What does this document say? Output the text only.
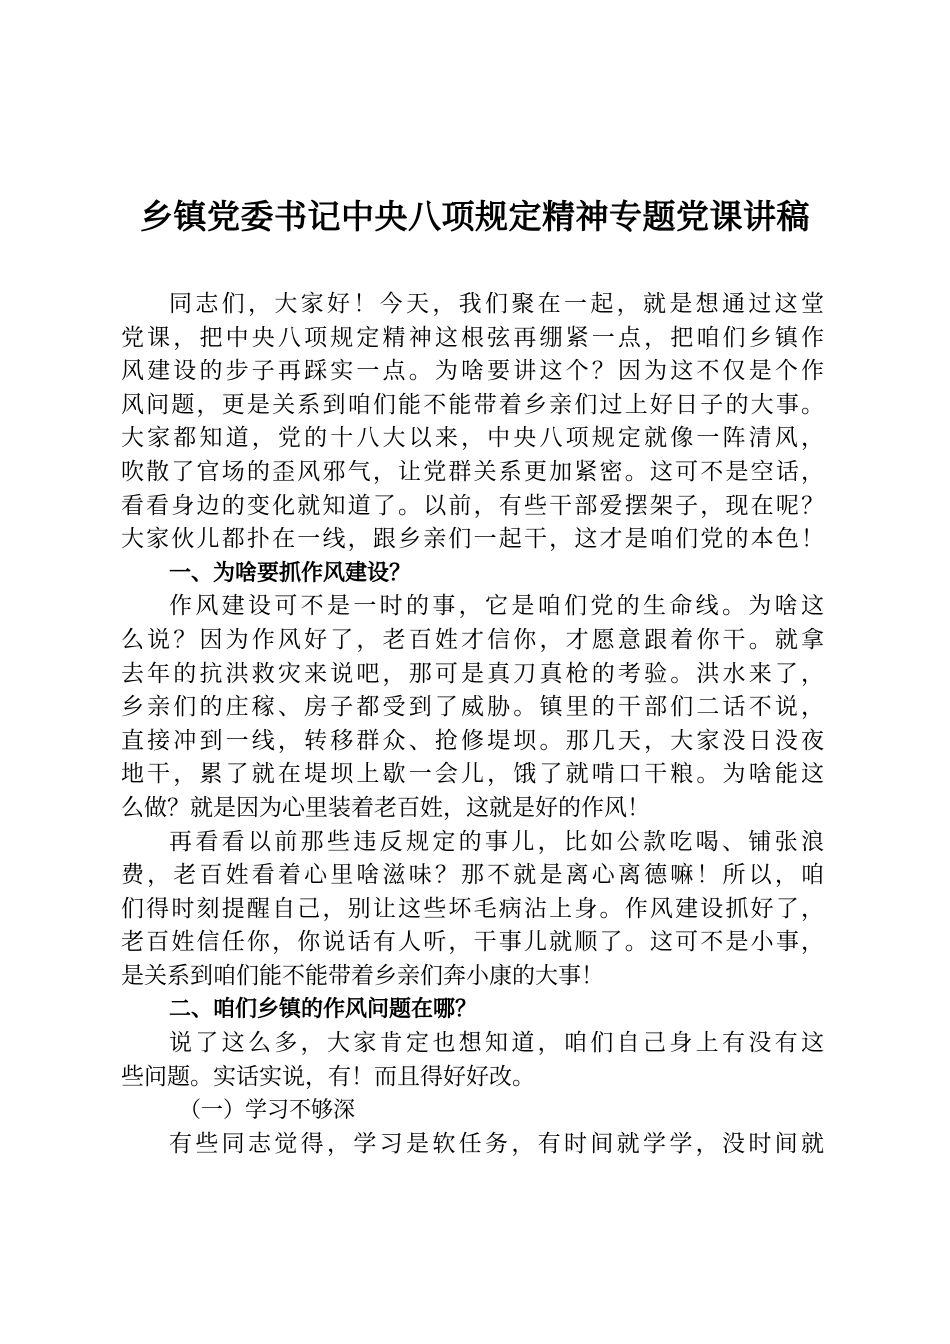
乡镇党委书记中央八项规定精神专题党课讲稿
同志们，大家好！今天，我们聚在一起，就是想通过这堂
党课，把中央八项规定精神这根弦再绷紧一点，把咱们乡镇作
风建设的步子再踩实一点。为啥要讲这个？因为这不仅是个作
风问题，更是关系到咱们能不能带着乡亲们过上好日子的大事。
大家都知道，党的十八大以来，中央八项规定就像一阵清风，
吹散了官场的歪风邪气，让党群关系更加紧密。这可不是空话，
看看身边的变化就知道了。以前，有些干部爱摆架子，现在呢？
大家伙儿都扑在一线，跟乡亲们一起干，这才是咱们党的本色！
一、为啥要抓作风建设？
作风建设可不是一时的事，它是咱们党的生命线。为啥这
么说？因为作风好了，老百姓才信你，才愿意跟着你干。就拿
去年的抗洪救灾来说吧，那可是真刀真枪的考验。洪水来了，
乡亲们的庄稼、房子都受到了威胁。镇里的干部们二话不说，
直接冲到一线，转移群众、抢修堤坝。那几天，大家没日没夜
地干，累了就在堤坝上歇一会儿，饿了就啃口干粮。为啥能这
么做？就是因为心里装着老百姓，这就是好的作风！
再看看以前那些违反规定的事儿，比如公款吃喝、铺张浪
费，老百姓看着心里啥滋味？那不就是离心离德嘛！所以，咱
们得时刻提醒自己，别让这些坏毛病沾上身。作风建设抓好了，
老百姓信任你，你说话有人听，干事儿就顺了。这可不是小事，
是关系到咱们能不能带着乡亲们奔小康的大事！
二、咱们乡镇的作风问题在哪？
说了这么多，大家肯定也想知道，咱们自己身上有没有这
些问题。实话实说，有！而且得好好改。
（一）学习不够深
有些同志觉得，学习是软任务，有时间就学学，没时间就
